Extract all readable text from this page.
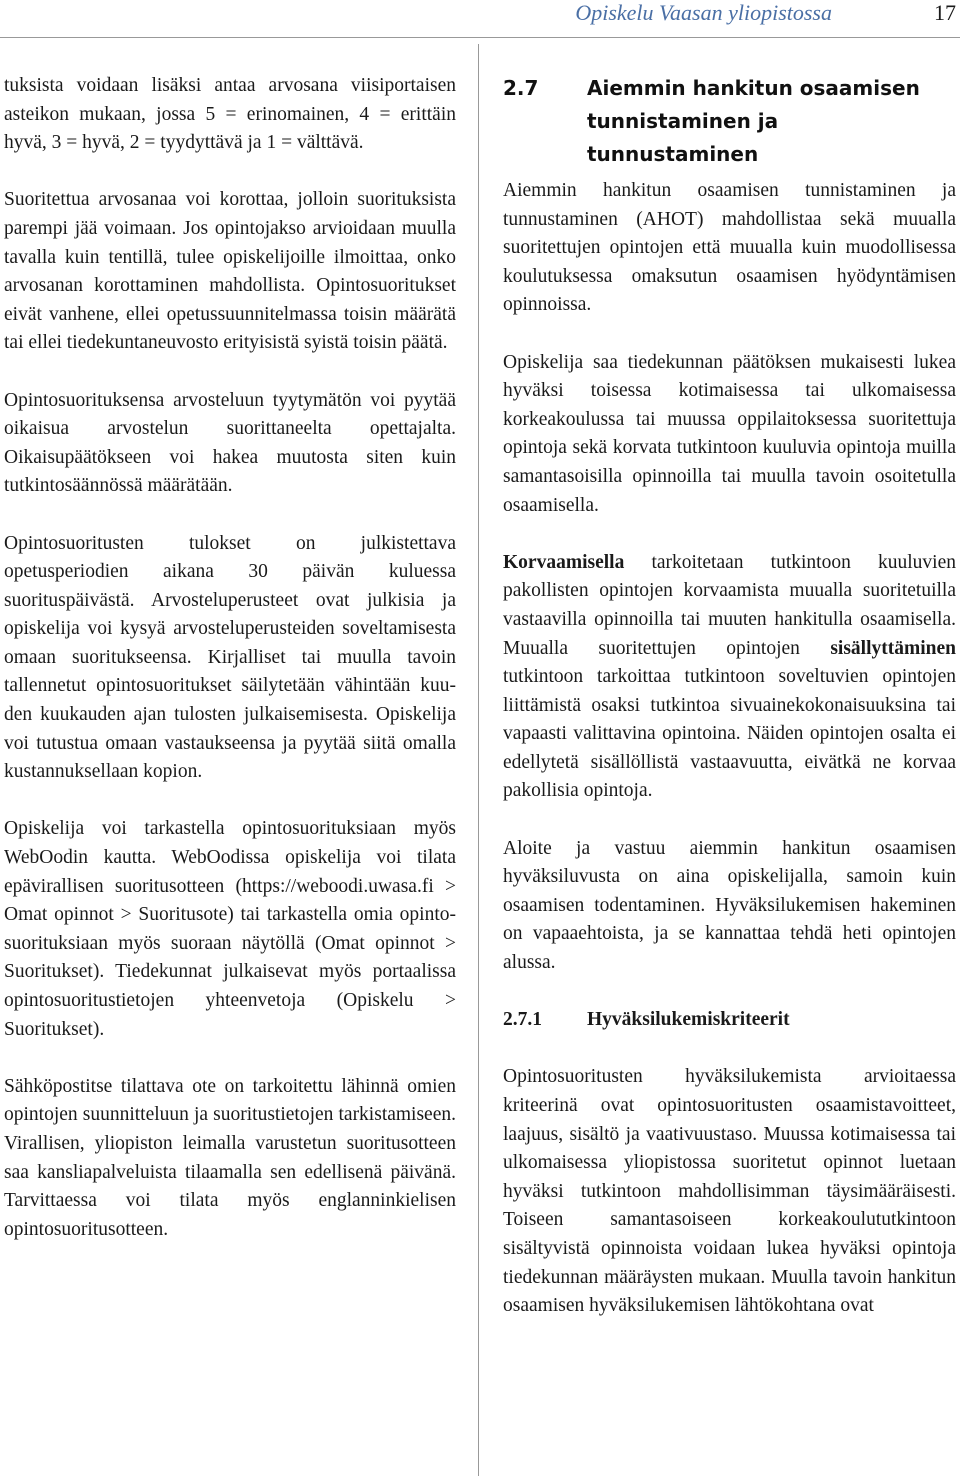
Opiskelu Vaasan yliopistossa	17

tuksista voidaan lisäksi antaa arvosana viisiportaisen asteikon mukaan, jossa 5 = erinomainen, 4 = erittäin hyvä, 3 = hyvä, 2 = tyydyttävä ja 1 = välttävä.

Suoritettua arvosanaa voi korottaa, jolloin suorituksista parempi jää voimaan. Jos opintojakso arvioidaan muulla tavalla kuin tentillä, tulee opiskelijoille ilmoittaa, onko arvosanan korottaminen mahdollista. Opintosuoritukset eivät vanhene, ellei opetussuunnitelmassa toisin määrätä tai ellei tiedekuntaneuvosto erityisistä syistä toisin päätä.

Opintosuorituksensa arvosteluun tyytymätön voi pyytää oikaisua arvostelun suorittaneelta opettajalta. Oikaisupäätökseen voi hakea muutosta siten kuin tutkintosäännössä määrätään.

Opintosuoritusten tulokset on julkistettava opetusperiodien aikana 30 päivän kuluessa suorituspäivästä. Arvosteluperusteet ovat julkisia ja opiskelija voi kysyä arvosteluperusteiden soveltamisesta omaan suoritukseensa. Kirjalliset tai muulla tavoin tallennetut opintosuoritukset säilytetään vähintään kuuden kuukauden ajan tulosten julkaisemisesta. Opiskelija voi tutustua omaan vastaukseensa ja pyytää siitä omalla kustannuksellaan kopion.

Opiskelija voi tarkastella opintosuorituksiaan myös WebOodin kautta. WebOodissa opiskelija voi tilata epävirallisen suoritusotteen (https://weboodi.uwasa.fi > Omat opinnot > Suoritusote) tai tarkastella omia opintosuorituksiaan myös suoraan näytöllä (Omat opinnot > Suoritukset). Tiedekunnat julkaisevat myös portaalissa opintosuoritustietojen yhteenvetoja (Opiskelu > Suoritukset).

Sähköpostitse tilattava ote on tarkoitettu lähinnä omien opintojen suunnitteluun ja suoritustietojen tarkistamiseen. Virallisen, yliopiston leimalla varustetun suoritusotteen saa kansliapalveluista tilaamalla sen edellisenä päivänä. Tarvittaessa voi tilata myös englanninkielisen opintosuoritusotteen.

2.7	Aiemmin hankitun osaamisen tunnistaminen ja tunnustaminen

Aiemmin hankitun osaamisen tunnistaminen ja tunnustaminen (AHOT) mahdollistaa sekä muualla suoritettujen opintojen että muualla kuin muodollisessa koulutuksessa omaksutun osaamisen hyödyntämisen opinnoissa.

Opiskelija saa tiedekunnan päätöksen mukaisesti lukea hyväksi toisessa kotimaisessa tai ulkomaisessa korkeakoulussa tai muussa oppilaitoksessa suoritettuja opintoja sekä korvata tutkintoon kuuluvia opintoja muilla samantasoisilla opinnoilla tai muulla tavoin osoitetulla osaamisella.

Korvaamisella tarkoitetaan tutkintoon kuuluvien pakollisten opintojen korvaamista muualla suoritetuilla vastaavilla opinnoilla tai muuten hankitulla osaamisella. Muualla suoritettujen opintojen sisällyttäminen tutkintoon tarkoittaa tutkintoon soveltuvien opintojen liittämistä osaksi tutkintoa sivuainekokonaisuuksina tai vapaasti valittavina opintoina. Näiden opintojen osalta ei edellytetä sisällöllistä vastaavuutta, eivätkä ne korvaa pakollisia opintoja.

Aloite ja vastuu aiemmin hankitun osaamisen hyväksiluvusta on aina opiskelijalla, samoin kuin osaamisen todentaminen. Hyväksilukemisen hakeminen on vapaaehtoista, ja se kannattaa tehdä heti opintojen alussa.

2.7.1	Hyväksilukemiskriteerit

Opintosuoritusten hyväksilukemista arvioitaessa kriteerinä ovat opintosuoritusten osaamistavoitteet, laajuus, sisältö ja vaativuustaso. Muussa kotimaisessa tai ulkomaisessa yliopistossa suoritetut opinnot luetaan hyväksi tutkintoon mahdollisimman täysimääräisesti. Toiseen samantasoiseen korkeakoulututkintoon sisältyvistä opinnoista voidaan lukea hyväksi opintoja tiedekunnan määräysten mukaan. Muulla tavoin hankitun osaamisen hyväksilukemisen lähtökohtana ovat
